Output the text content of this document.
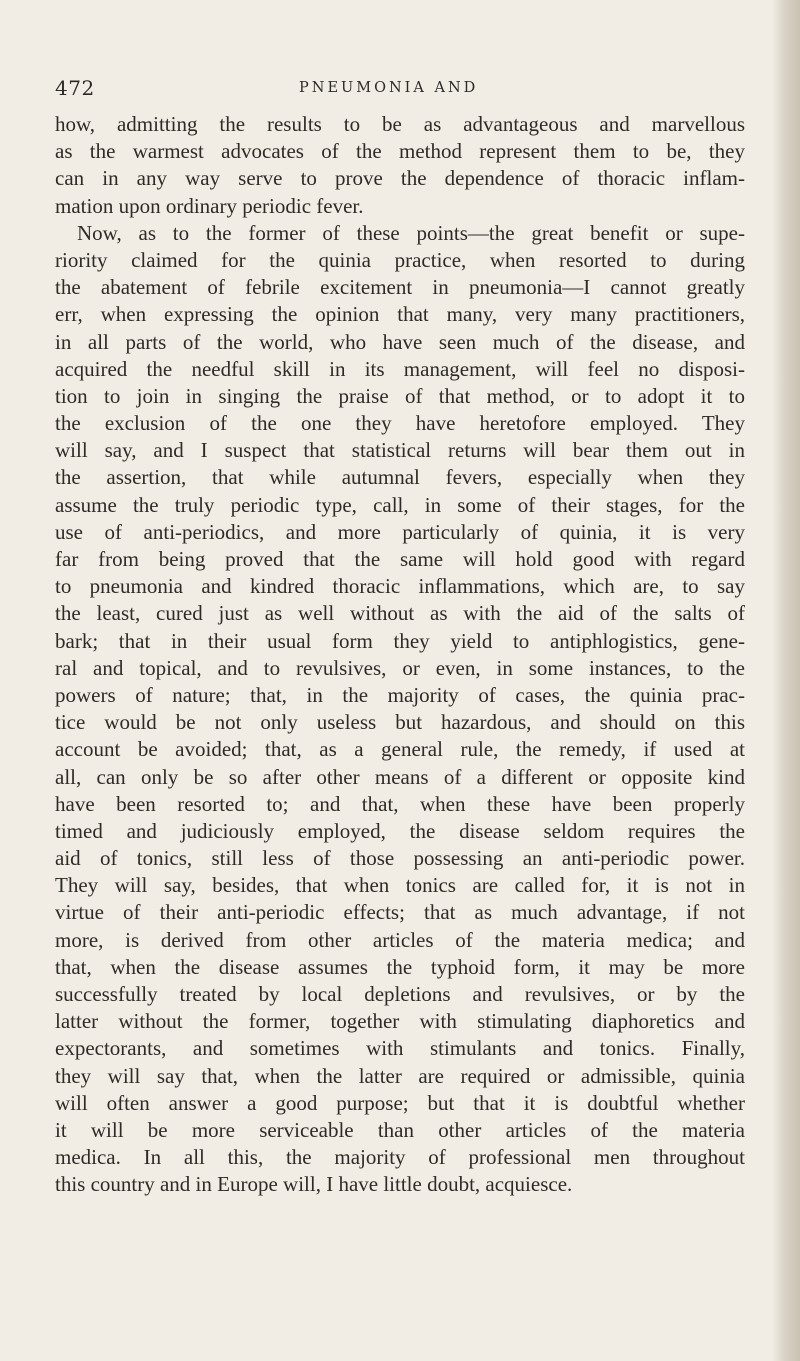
472	PNEUMONIA AND
how, admitting the results to be as advantageous and marvellous
as the warmest advocates of the method represent them to be, they
can in any way serve to prove the dependence of thoracic inflam-
mation upon ordinary periodic fever.
Now, as to the former of these points—the great benefit or supe-
riority claimed for the quinia practice, when resorted to during
the abatement of febrile excitement in pneumonia—I cannot greatly
err, when expressing the opinion that many, very many practitioners,
in all parts of the world, who have seen much of the disease, and
acquired the needful skill in its management, will feel no disposi-
tion to join in singing the praise of that method, or to adopt it to
the exclusion of the one they have heretofore employed. They
will say, and I suspect that statistical returns will bear them out in
the assertion, that while autumnal fevers, especially when they
assume the truly periodic type, call, in some of their stages, for the
use of anti-periodics, and more particularly of quinia, it is very
far from being proved that the same will hold good with regard
to pneumonia and kindred thoracic inflammations, which are, to say
the least, cured just as well without as with the aid of the salts of
bark; that in their usual form they yield to antiphlogistics, gene-
ral and topical, and to revulsives, or even, in some instances, to the
powers of nature; that, in the majority of cases, the quinia prac-
tice would be not only useless but hazardous, and should on this
account be avoided; that, as a general rule, the remedy, if used at
all, can only be so after other means of a different or opposite kind
have been resorted to; and that, when these have been properly
timed and judiciously employed, the disease seldom requires the
aid of tonics, still less of those possessing an anti-periodic power.
They will say, besides, that when tonics are called for, it is not in
virtue of their anti-periodic effects; that as much advantage, if not
more, is derived from other articles of the materia medica; and
that, when the disease assumes the typhoid form, it may be more
successfully treated by local depletions and revulsives, or by the
latter without the former, together with stimulating diaphoretics and
expectorants, and sometimes with stimulants and tonics. Finally,
they will say that, when the latter are required or admissible, quinia
will often answer a good purpose; but that it is doubtful whether
it will be more serviceable than other articles of the materia
medica. In all this, the majority of professional men throughout
this country and in Europe will, I have little doubt, acquiesce.
